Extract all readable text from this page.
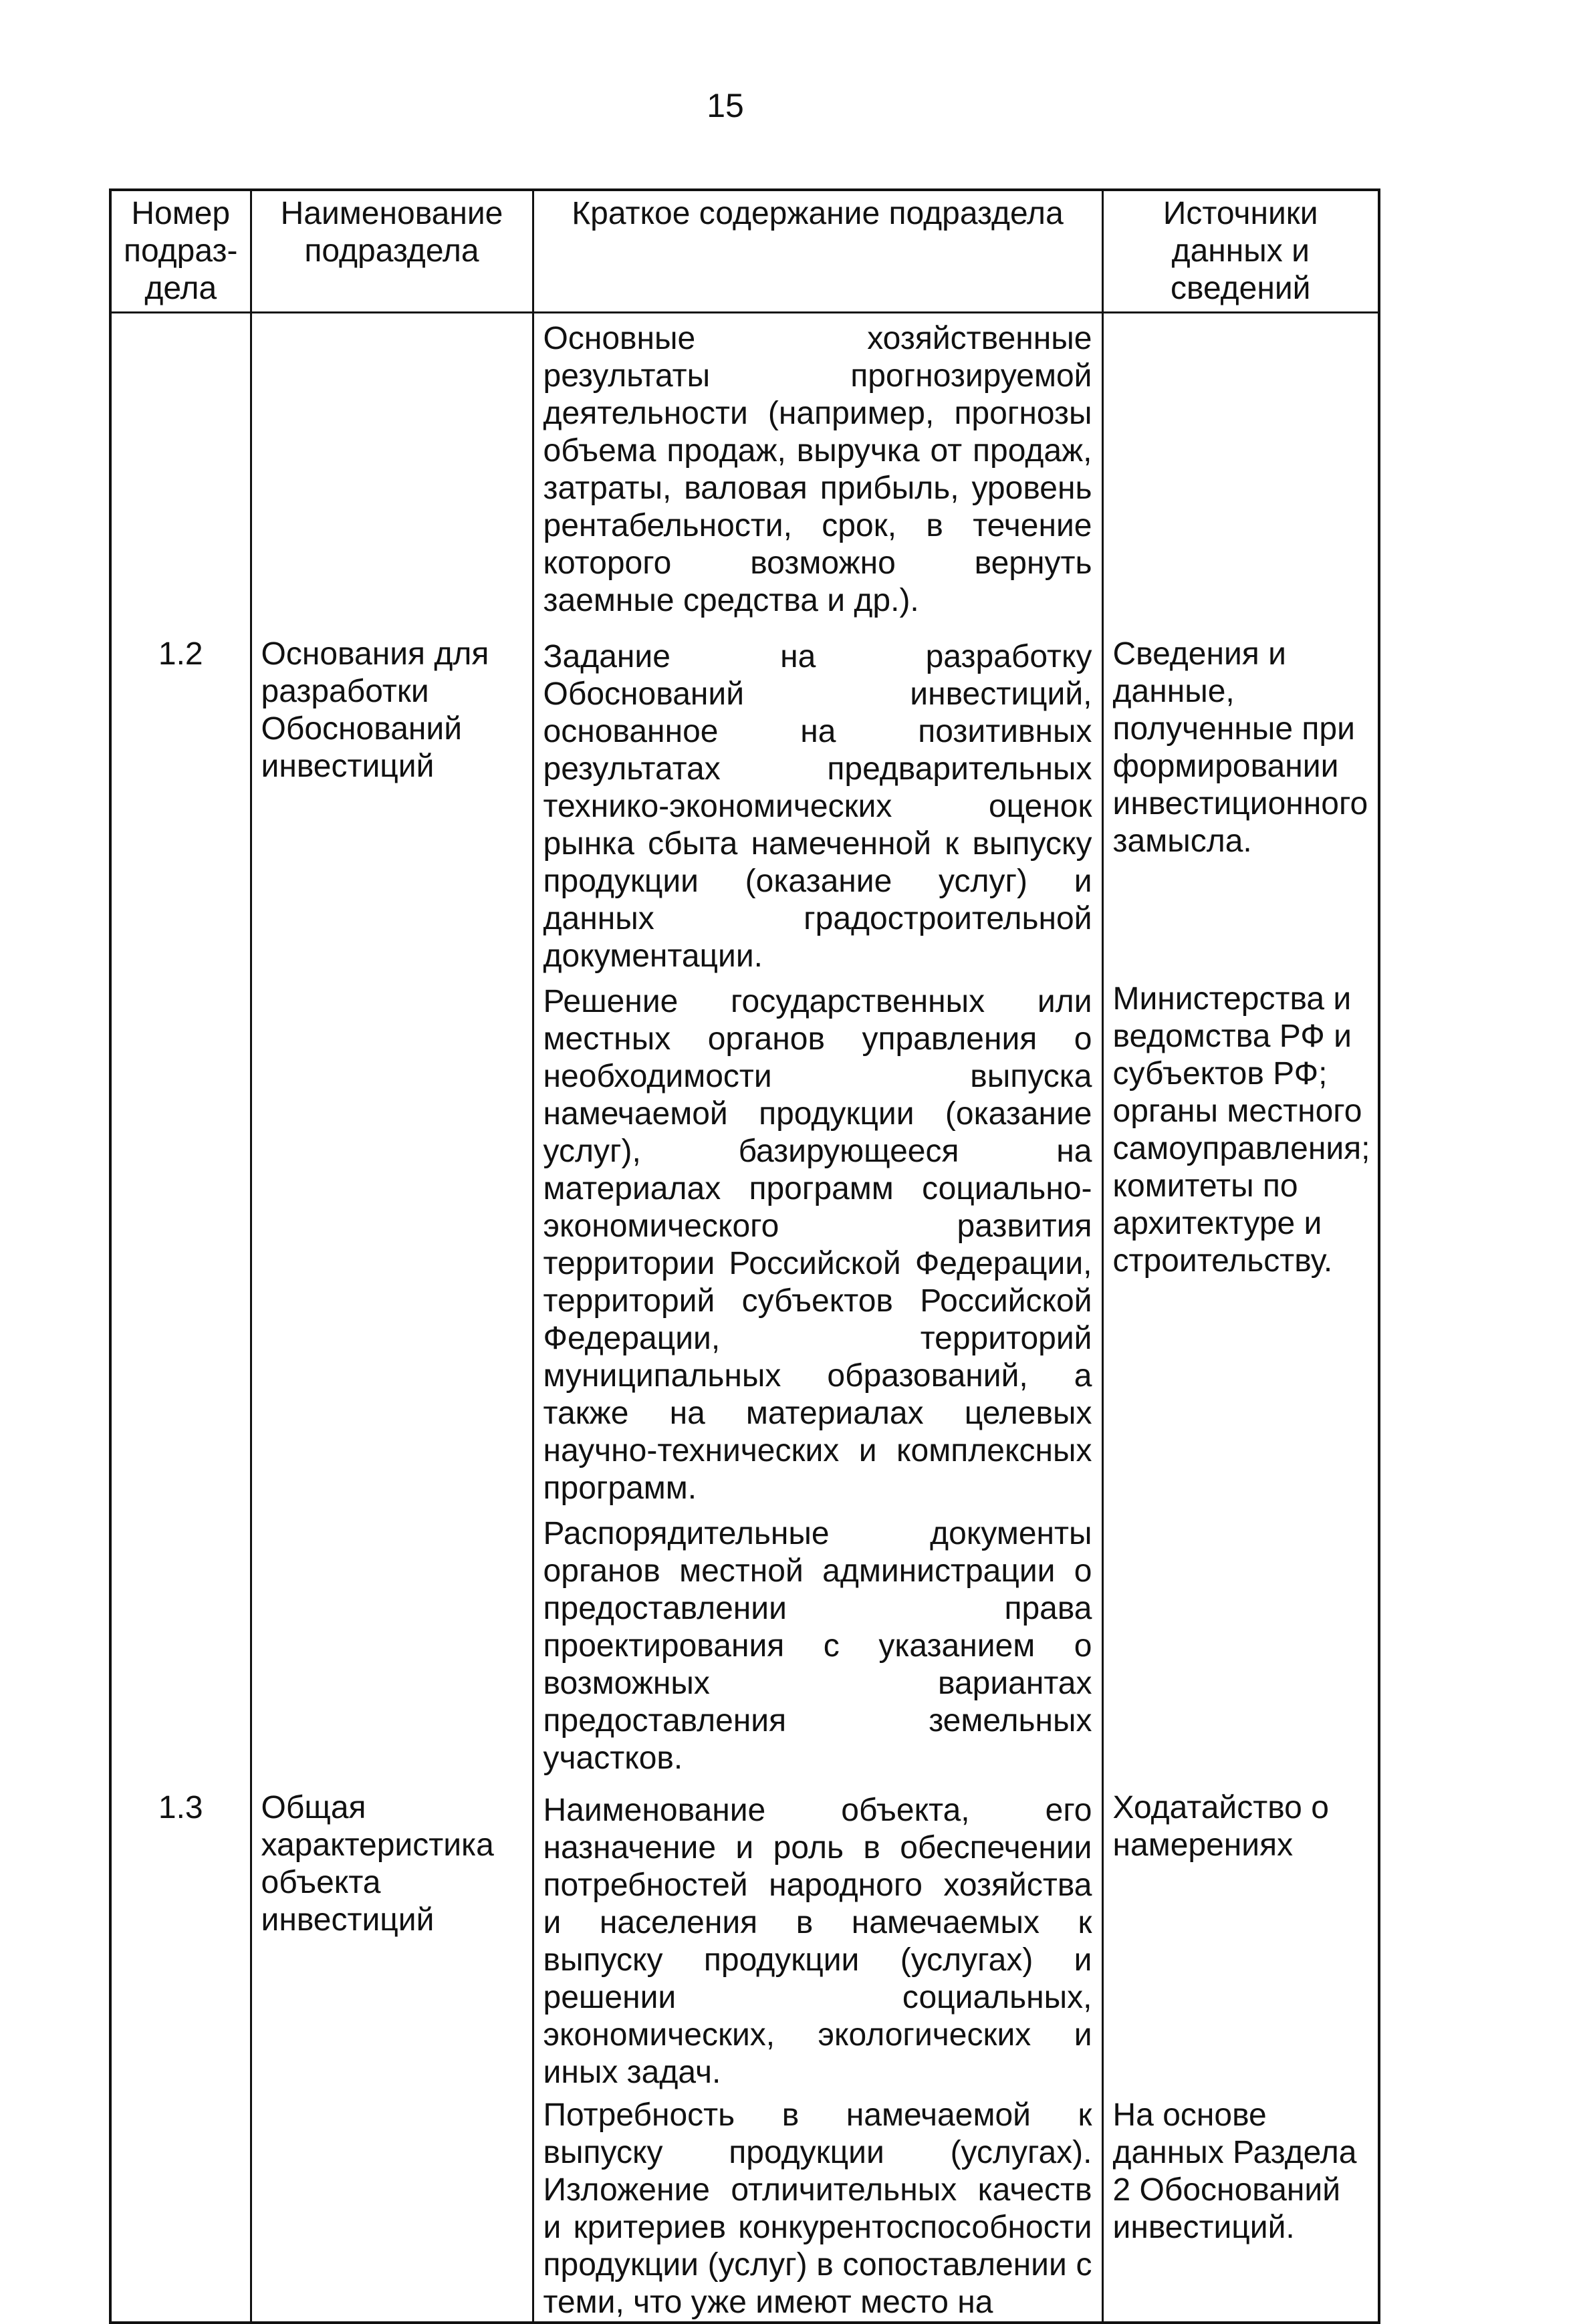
15
Номер подраз-дела	Наименование подраздела	Краткое содержание подраздела	Источники данных и сведений

		Основные хозяйственные результаты прогнозируемой деятельности (например, прогнозы объема продаж, выручка от продаж, затраты, валовая прибыль, уровень рентабельности, срок, в течение которого возможно вернуть заемные средства и др.).	

1.2	Основания для разработки Обоснований инвестиций	Задание на разработку Обоснований инвестиций, основанное на позитивных результатах предварительных технико-экономических оценок рынка сбыта намеченной к выпуску продукции (оказание услуг) и данных градостроительной документации.	Сведения и данные, полученные при формировании инвестиционного замысла.

		Решение государственных или местных органов управления о необходимости выпуска намечаемой продукции (оказание услуг), базирующееся на материалах программ социально-экономического развития территории Российской Федерации, территорий субъектов Российской Федерации, территорий муниципальных образований, а также на материалах целевых научно-технических и комплексных программ.	Министерства и ведомства РФ и субъектов РФ; органы местного самоуправления; комитеты по архитектуре и строительству.

		Распорядительные документы органов местной администрации о предоставлении права проектирования с указанием о возможных вариантах предоставления земельных участков.	

1.3	Общая характеристика объекта инвестиций	Наименование объекта, его назначение и роль в обеспечении потребностей народного хозяйства и населения в намечаемых к выпуску продукции (услугах) и решении социальных, экономических, экологических и иных задач.	Ходатайство о намерениях

		Потребность в намечаемой к выпуску продукции (услугах). Изложение отличительных качеств и критериев конкурентоспособности продукции (услуг) в сопоставлении с теми, что уже имеют место на	На основе данных Раздела 2 Обоснований инвестиций.
